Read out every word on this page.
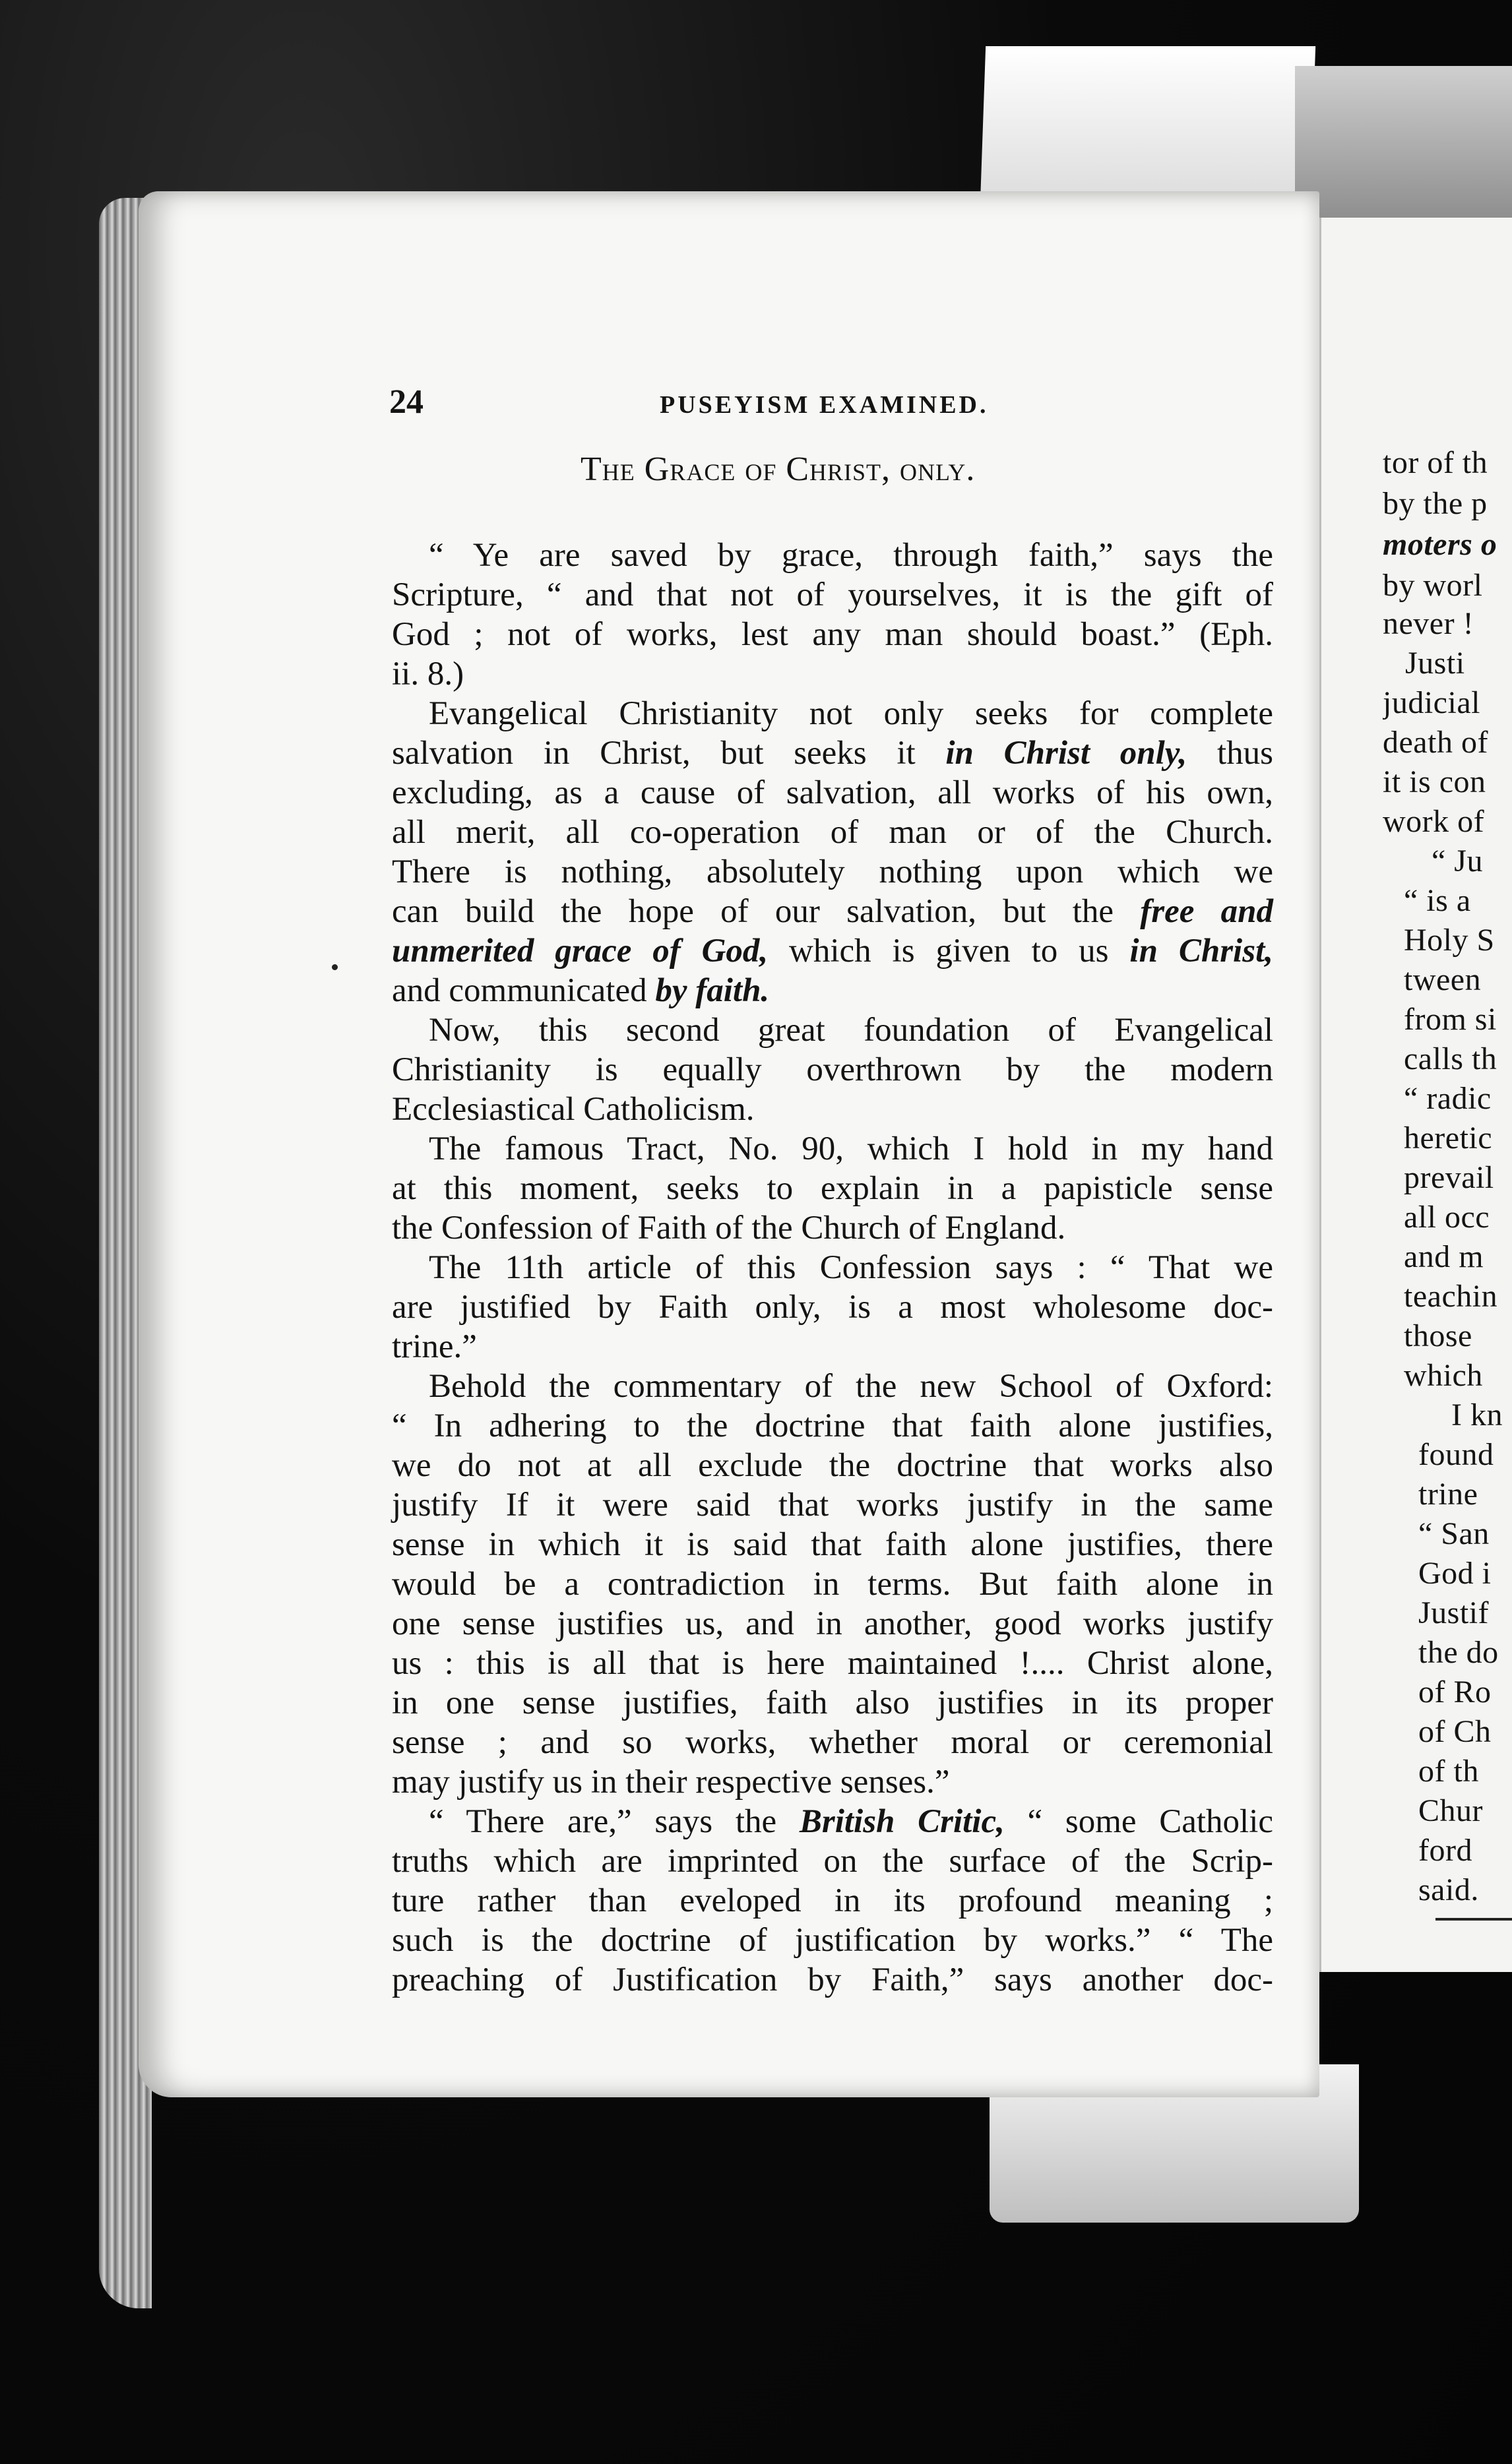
24	PUSEYISM EXAMINED.
The Grace of Christ, only.
“ Ye are saved by grace, through faith,” says the
Scripture, “ and that not of yourselves, it is the gift of
God ; not of works, lest any man should boast.” (Eph.
ii. 8.)
Evangelical Christianity not only seeks for complete
salvation in Christ, but seeks it in Christ only, thus
excluding, as a cause of salvation, all works of his own,
all merit, all co-operation of man or of the Church.
There is nothing, absolutely nothing upon which we
can build the hope of our salvation, but the free and
unmerited grace of God, which is given to us in Christ,
and communicated by faith.
Now, this second great foundation of Evangelical
Christianity is equally overthrown by the modern
Ecclesiastical Catholicism.
The famous Tract, No. 90, which I hold in my hand
at this moment, seeks to explain in a papisticle sense
the Confession of Faith of the Church of England.
The 11th article of this Confession says : “ That we
are justified by Faith only, is a most wholesome doc-
trine.”
Behold the commentary of the new School of Oxford:
“ In adhering to the doctrine that faith alone justifies,
we do not at all exclude the doctrine that works also
justify If it were said that works justify in the same
sense in which it is said that faith alone justifies, there
would be a contradiction in terms. But faith alone in
one sense justifies us, and in another, good works justify
us : this is all that is here maintained !.... Christ alone,
in one sense justifies, faith also justifies in its proper
sense ; and so works, whether moral or ceremonial
may justify us in their respective senses.”
“ There are,” says the British Critic, “ some Catholic
truths which are imprinted on the surface of the Scrip-
ture rather than eveloped in its profound meaning ;
such is the doctrine of justification by works.” “ The
preaching of Justification by Faith,” says another doc-
tor of th
by the p
moters o
by worl
never !
Justi
judicial
death of
it is con
work of
“ Ju
“ is a
Holy S
tween
from si
calls th
“ radic
heretic
prevail
all occ
and m
teachin
those
which
I kn
found
trine
“ San
God i
Justif
the do
of Ro
of Ch
of th
Chur
ford
said.
